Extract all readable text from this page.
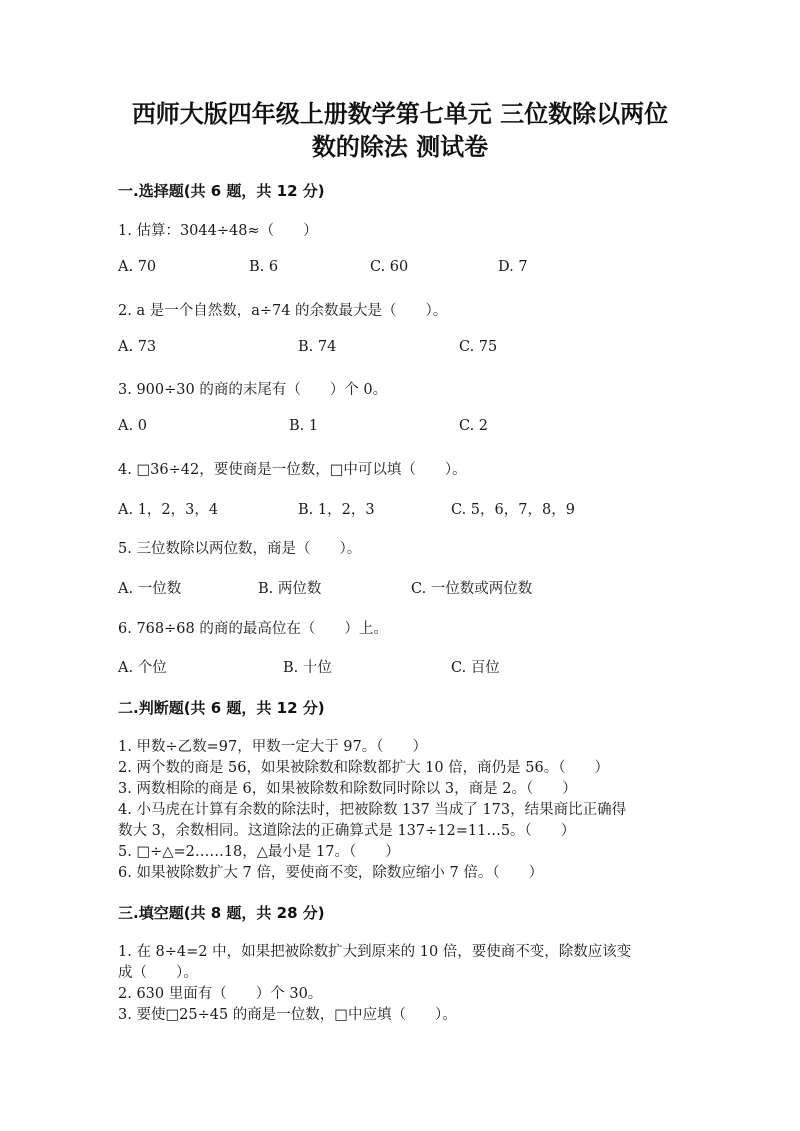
西师大版四年级上册数学第七单元 三位数除以两位
数的除法 测试卷
一.选择题(共 6 题，共 12 分)
1. 估算：3044÷48≈（　　）
A. 70	B. 6	C. 60	D. 7
2. a 是一个自然数，a÷74 的余数最大是（　　）。
A. 73	B. 74	C. 75
3. 900÷30 的商的末尾有（　　）个 0。
A. 0	B. 1	C. 2
4. □36÷42，要使商是一位数，□中可以填（　　）。
A. 1，2，3，4	B. 1，2，3	C. 5，6，7，8，9
5. 三位数除以两位数，商是（　　）。
A. 一位数	B. 两位数	C. 一位数或两位数
6. 768÷68 的商的最高位在（　　）上。
A. 个位	B. 十位	C. 百位
二.判断题(共 6 题，共 12 分)
1. 甲数÷乙数=97，甲数一定大于 97。（　　）
2. 两个数的商是 56，如果被除数和除数都扩大 10 倍，商仍是 56。（　　）
3. 两数相除的商是 6，如果被除数和除数同时除以 3，商是 2。（　　）
4. 小马虎在计算有余数的除法时，把被除数 137 当成了 173，结果商比正确得
数大 3，余数相同。这道除法的正确算式是 137÷12=11…5。（　　）
5. □÷△=2……18，△最小是 17。（　　）
6. 如果被除数扩大 7 倍，要使商不变，除数应缩小 7 倍。（　　）
三.填空题(共 8 题，共 28 分)
1. 在 8÷4=2 中，如果把被除数扩大到原来的 10 倍，要使商不变，除数应该变
成（　　）。
2. 630 里面有（　　）个 30。
3. 要使□25÷45 的商是一位数，□中应填（　　）。
